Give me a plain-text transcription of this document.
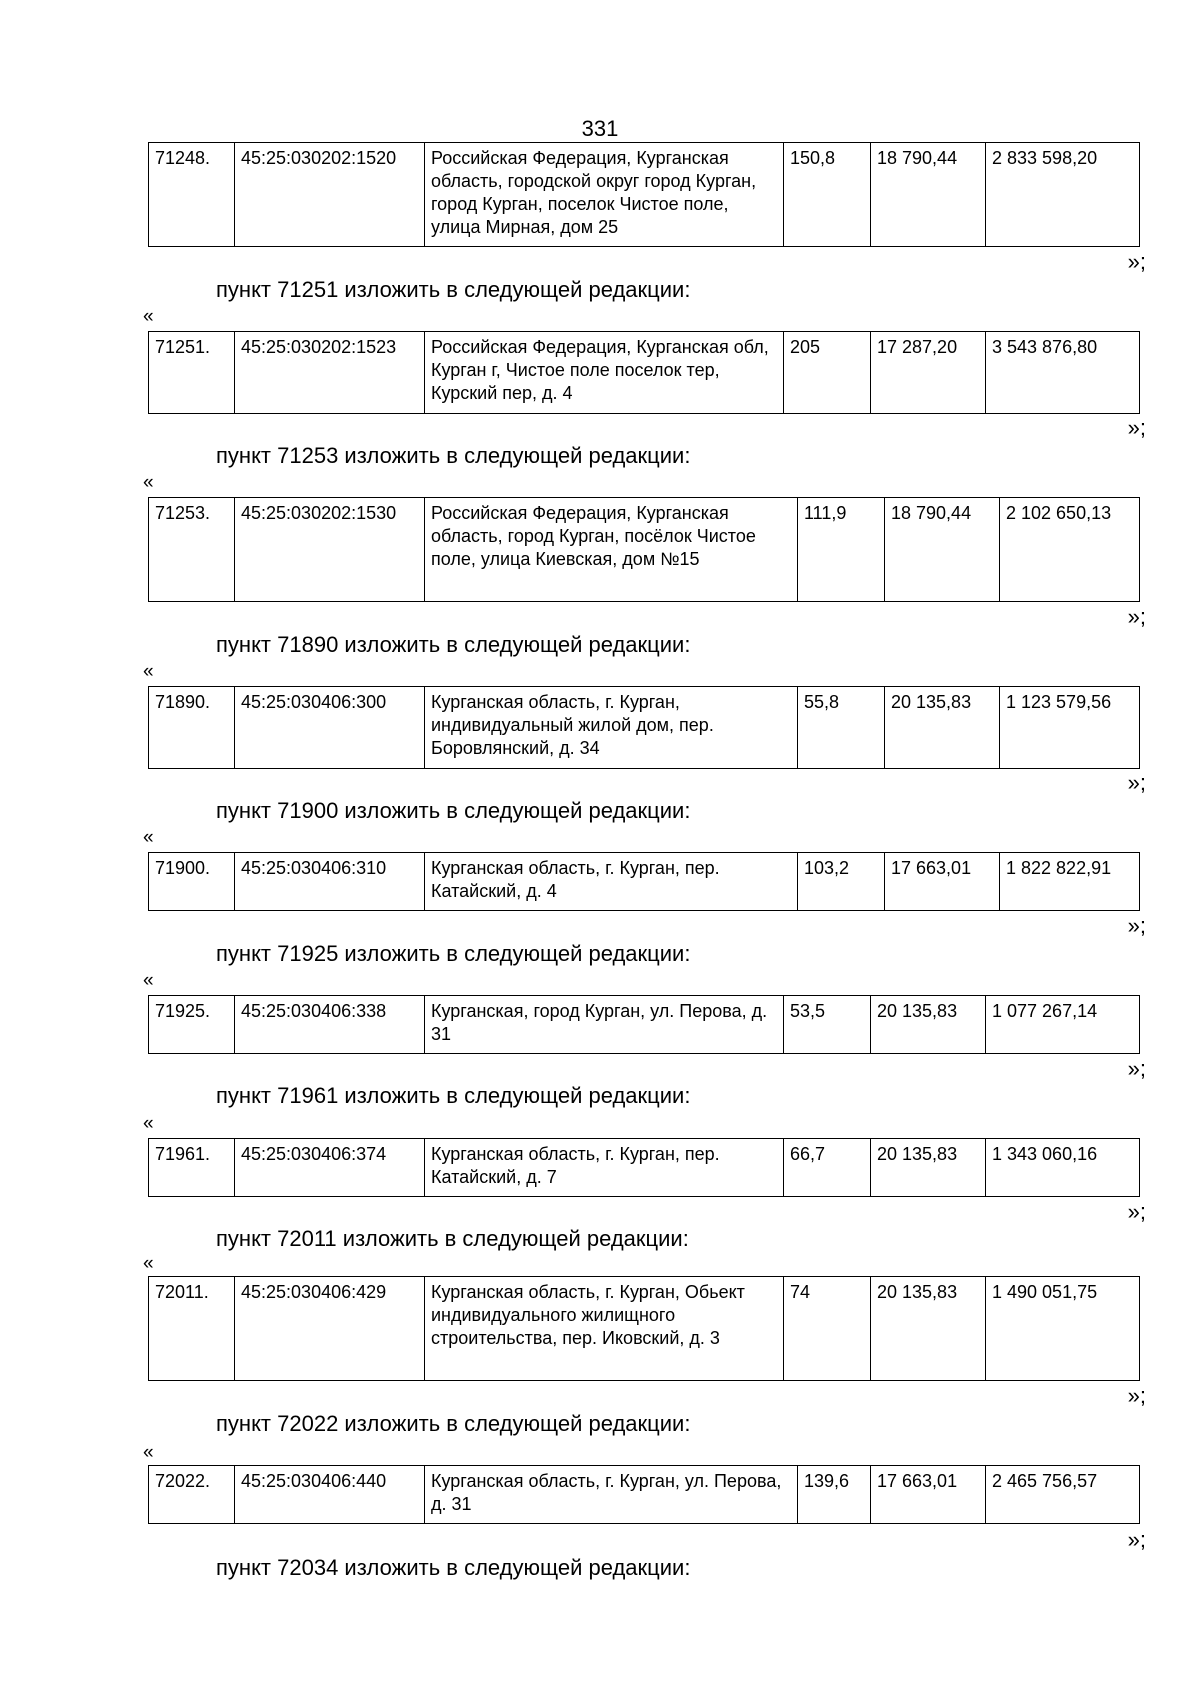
331
71248.	45:25:030202:1520	Российская Федерация, Курганская область, городской округ город Курган, город Курган, поселок Чистое поле, улица Мирная, дом 25	150,8	18 790,44	2 833 598,20
»;
пункт 71251 изложить в следующей редакции:
«
71251.	45:25:030202:1523	Российская Федерация, Курганская обл, Курган г, Чистое поле поселок тер, Курский пер, д. 4	205	17 287,20	3 543 876,80
»;
пункт 71253 изложить в следующей редакции:
«
71253.	45:25:030202:1530	Российская Федерация, Курганская область, город Курган, посёлок Чистое поле, улица Киевская, дом №15	111,9	18 790,44	2 102 650,13
»;
пункт 71890 изложить в следующей редакции:
«
71890.	45:25:030406:300	Курганская область, г. Курган, индивидуальный жилой дом, пер. Боровлянский, д. 34	55,8	20 135,83	1 123 579,56
»;
пункт 71900 изложить в следующей редакции:
«
71900.	45:25:030406:310	Курганская область, г. Курган, пер. Катайский, д. 4	103,2	17 663,01	1 822 822,91
»;
пункт 71925 изложить в следующей редакции:
«
71925.	45:25:030406:338	Курганская, город Курган, ул. Перова, д. 31	53,5	20 135,83	1 077 267,14
»;
пункт 71961 изложить в следующей редакции:
«
71961.	45:25:030406:374	Курганская область, г. Курган, пер. Катайский, д. 7	66,7	20 135,83	1 343 060,16
»;
пункт 72011 изложить в следующей редакции:
«
72011.	45:25:030406:429	Курганская область, г. Курган, Обьект индивидуального жилищного строительства, пер. Иковский, д. 3	74	20 135,83	1 490 051,75
»;
пункт 72022 изложить в следующей редакции:
«
72022.	45:25:030406:440	Курганская область, г. Курган, ул. Перова, д. 31	139,6	17 663,01	2 465 756,57
»;
пункт 72034 изложить в следующей редакции:
